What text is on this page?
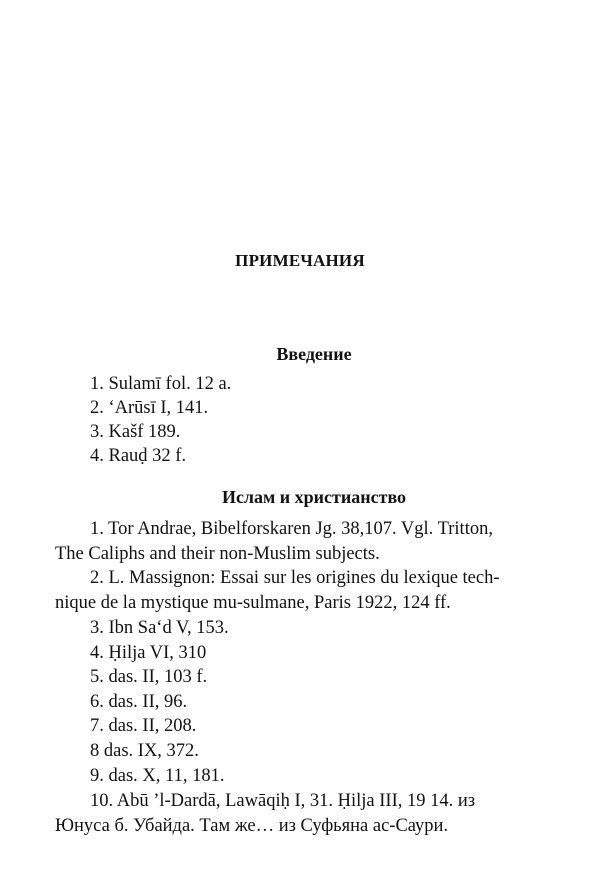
ПРИМЕЧАНИЯ
Введение
1. Sulamī fol. 12 a.
2. ‘Arūsī I, 141.
3. Kašf 189.
4. Rauḍ 32 f.
Ислам и христианство
1. Tor Andrae, Bibelforskaren Jg. 38,107. Vgl. Tritton,
The Caliphs and their non-Muslim subjects.
2. L. Massignon: Essai sur les origines du lexique tech-
nique de la mystique mu-sulmane, Paris 1922, 124 ff.
3. Ibn Sa‘d V, 153.
4. Ḥilja VI, 310
5. das. II, 103 f.
6. das. II, 96.
7. das. II, 208.
8 das. IX, 372.
9. das. X, 11, 181.
10. Abū ’l-Dardā, Lawāqiḥ I, 31. Ḥilja III, 19 14. из
Юнуса б. Убайда. Там же… из Суфьяна ас-Саури.
